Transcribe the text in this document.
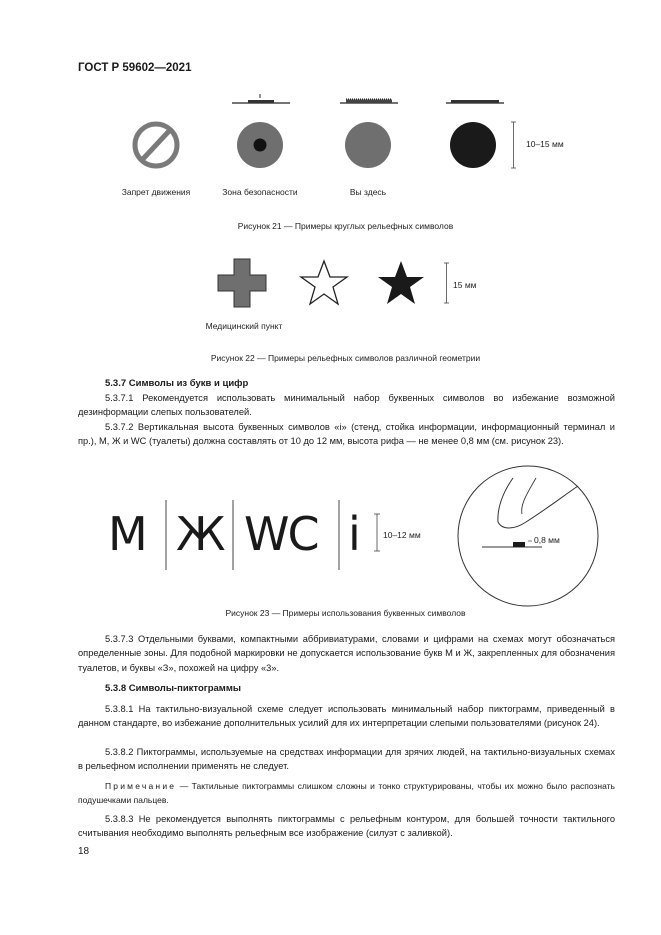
ГОСТ Р 59602—2021
10–15 мм
Запрет движения	Зона безопасности	Вы здесь
Рисунок 21 — Примеры круглых рельефных символов
15 мм
Медицинский пункт
Рисунок 22 — Примеры рельефных символов различной геометрии
5.3.7 Символы из букв и цифр
5.3.7.1 Рекомендуется использовать минимальный набор буквенных символов во избежание возможной дезинформации слепых пользователей.
5.3.7.2 Вертикальная высота буквенных символов «i» (стенд, стойка информации, информационный терминал и пр.), М, Ж и WC (туалеты) должна составлять от 10 до 12 мм, высота рифа — не менее 0,8 мм (см. рисунок 23).
M Ж WC i	10–12 мм	0,8 мм
Рисунок 23 — Примеры использования буквенных символов
5.3.7.3 Отдельными буквами, компактными аббривиатурами, словами и цифрами на схемах могут обозначаться определенные зоны. Для подобной маркировки не допускается использование букв М и Ж, закрепленных для обозначения туалетов, и буквы «З», похожей на цифру «3».
5.3.8 Символы-пиктограммы
5.3.8.1 На тактильно-визуальной схеме следует использовать минимальный набор пиктограмм, приведенный в данном стандарте, во избежание дополнительных усилий для их интерпретации слепыми пользователями (рисунок 24).
5.3.8.2 Пиктограммы, используемые на средствах информации для зрячих людей, на тактильно-визуальных схемах в рельефном исполнении применять не следует.
Примечание — Тактильные пиктограммы слишком сложны и тонко структурированы, чтобы их можно было распознать подушечками пальцев.
5.3.8.3 Не рекомендуется выполнять пиктограммы с рельефным контуром, для большей точности тактильного считывания необходимо выполнять рельефным все изображение (силуэт с заливкой).
18
